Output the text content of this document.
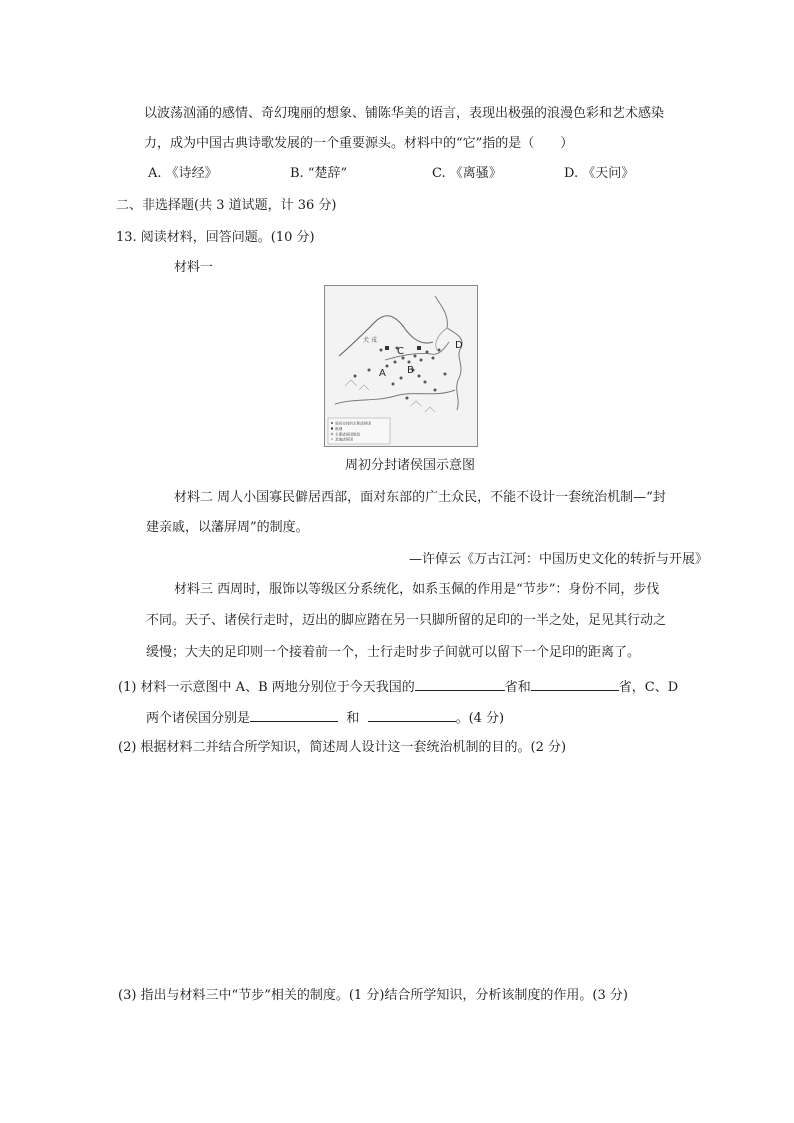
以波荡汹涌的感情、奇幻瑰丽的想象、铺陈华美的语言，表现出极强的浪漫色彩和艺术感染
力，成为中国古典诗歌发展的一个重要源头。材料中的“它”指的是（　　）
A. 《诗经》	B. “楚辞”	C. 《离骚》	D. 《天问》
二、非选择题(共 3 道试题，计 36 分)
13. 阅读材料，回答问题。(10 分)
材料一
C
A B
D
犬 戎
周初分封的主要诸侯国
都城
主要诸侯国都邑
其他诸侯国
周初分封诸侯国示意图
材料二 周人小国寡民僻居西部，面对东部的广土众民，不能不设计一套统治机制—“封
建亲戚，以藩屏周”的制度。
—许倬云《万古江河：中国历史文化的转折与开展》
材料三 西周时，服饰以等级区分系统化，如系玉佩的作用是“节步”：身份不同，步伐
不同。天子、诸侯行走时，迈出的脚应踏在另一只脚所留的足印的一半之处，足见其行动之
缓慢；大夫的足印则一个接着前一个，士行走时步子间就可以留下一个足印的距离了。
(1) 材料一示意图中 A、B 两地分别位于今天我国的	省和	省，C、D
两个诸侯国分别是	和	。(4 分)
(2) 根据材料二并结合所学知识，简述周人设计这一套统治机制的目的。(2 分)
(3) 指出与材料三中“节步”相关的制度。(1 分)结合所学知识，分析该制度的作用。(3 分)
